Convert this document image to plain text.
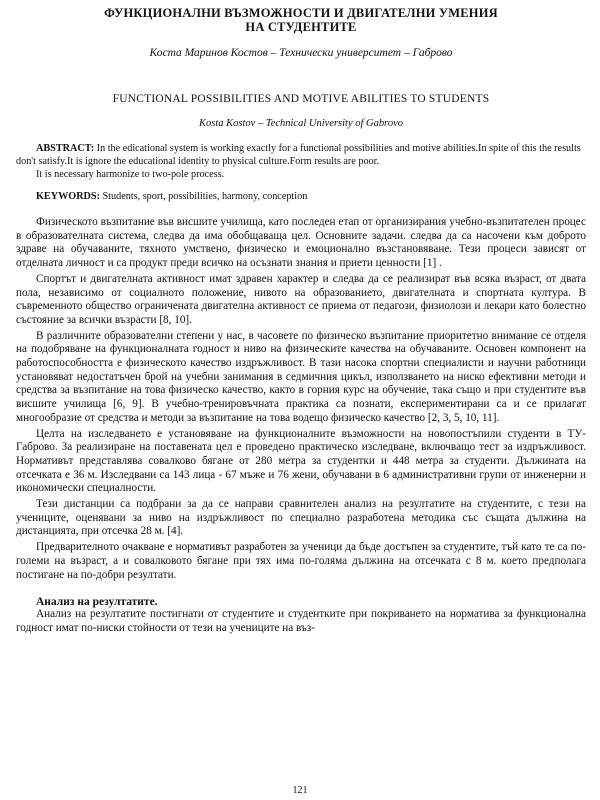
ФУНКЦИОНАЛНИ ВЪЗМОЖНОСТИ И ДВИГАТЕЛНИ УМЕНИЯ
НА СТУДЕНТИТЕ

Коста Маринов Костов – Технически университет – Габрово

FUNCTIONAL POSSIBILITIES AND MOTIVE ABILITIES TO STUDENTS

Kosta Kostov – Technical University of Gabrovo

ABSTRACT: In the edicational system is working exactly for a functional possibilities and motive abilities.In spite of this the results don't satisfy.It is ignore the educational identity to physical culture.Form results are poor.

It is necessary harmonize to two-pole process.

KEYWORDS: Students, sport, possibilities, harmony, conception

Физическото възпитание във висшите училища, като последен етап от организирания учебно-възпитателен процес в образователната система, следва да има обобщаваща цел. Основните задачи. следва да са насочени към доброто здраве на обучаваните, тяхното умствено, физическо и емоционално възстановяване. Тези процеси зависят от отделната личност и са продукт преди всичко на осъзнати знания и приети ценности [1] .

Спортът и двигателната активност имат здравен характер и следва да се реализират във всяка възраст, от двата пола, независимо от социалното положение, нивото на образованието, двигателната и спортната култура. В съвременното общество ограничената двигателна активност се приема от педагози, физиолози и лекари като болестно състояние за всички възрасти [8, 10].

В различните образователни степени у нас, в часовете по физическо възпитание приоритетно внимание се отделя на подобряване на функционалната годност и ниво на физическите качества на обучаваните. Основен компонент на работоспособността е физическото качество издръжливост. В тази насока спортни специалисти и научни работници установяват недостатъчен брой на учебни занимания в седмичния цикъл, използването на ниско ефективни методи и средства за възпитание на това физическо качество, както в горния курс на обучение, така също и при студентите във висшите училища [6, 9]. В учебно-тренировъчната практика са познати, експериментирани са и се прилагат многообразие от средства и методи за възпитание на това водещо физическо качество [2, 3, 5, 10, 11].

Целта на изследването е установяване на функционалните възможности на новопостъпили студенти в ТУ-Габрово. За реализиране на поставената цел е проведено практическо изследване, включващо тест за издръжливост. Нормативът представлява совалково бягане от 280 метра за студентки и 448 метра за студенти. Дължината на отсечката е 36 м. Изследвани са 143 лица - 67 мъже и 76 жени, обучавани в 6 административни групи от инженерни и икономически специалности.

Тези дистанции са подбрани за да се направи сравнителен анализ на резултатите на студентите, с тези на учениците, оценявани за ниво на издръжливост по специално разработена методика със същата дължина на дистанцията, при отсечка 28 м. [4].

Предварителното очакване е нормативът разработен за ученици да бъде достъпен за студентите, тъй като те са по-големи на възраст, а и совалковото бягане при тях има по-голяма дължина на отсечката с 8 м. което предполага постигане на по-добри резултати.

Анализ на резултатите.

Анализ на резултатите постигнати от студентите и студентките при покриването на норматива за функционална годност имат по-ниски стойности от тези на учениците на въз-

121
